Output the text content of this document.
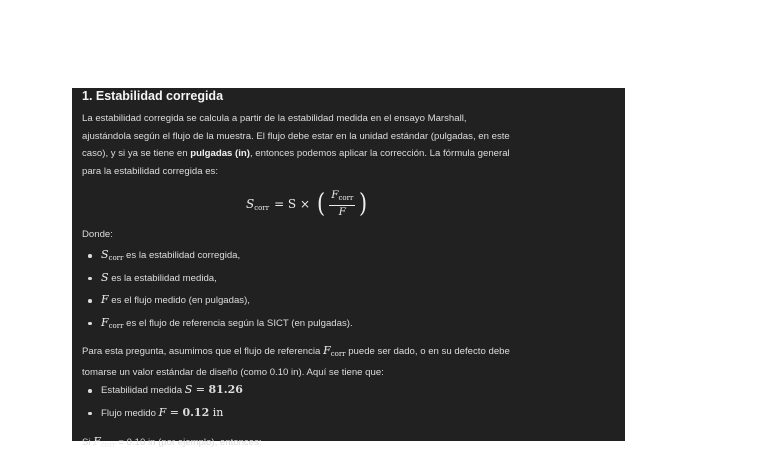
1. Estabilidad corregida

La estabilidad corregida se calcula a partir de la estabilidad medida en el ensayo Marshall,
ajustándola según el flujo de la muestra. El flujo debe estar en la unidad estándar (pulgadas, en este
caso), y si ya se tiene en pulgadas (in), entonces podemos aplicar la corrección. La fórmula general
para la estabilidad corregida es:

$S_{corr} = S$ × ( $\frac{F_{corr}}{F}$ )

Donde:

$S_{corr}$ es la estabilidad corregida,
S es la estabilidad medida,
F es el flujo medido (en pulgadas),
$F_{corr}$ es el flujo de referencia según la SICT (en pulgadas).

Para esta pregunta, asumimos que el flujo de referencia $F_{corr}$ puede ser dado, o en su defecto debe
tomarse un valor estándar de diseño (como 0.10 in). Aquí se tiene que:

Estabilidad medida S = 81.26
Flujo medido F = 0.12 in

Si $F_{corr} = 0.10$ in (por ejemplo), entonces:
